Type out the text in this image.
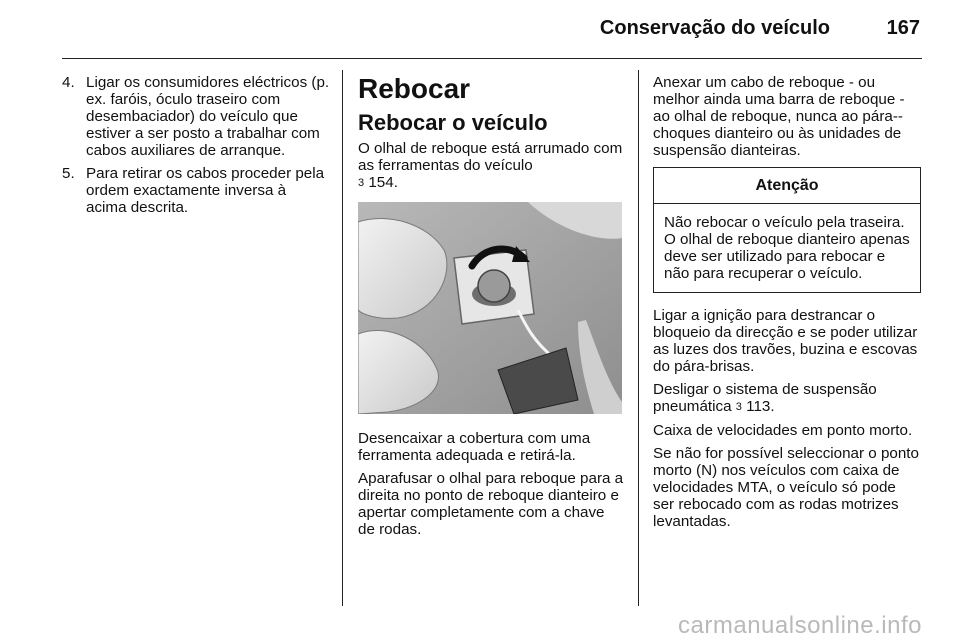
Conservação do veículo	167
4. Ligar os consumidores eléctricos (p. ex. faróis, óculo traseiro com desembaciador) do veículo que estiver a ser posto a trabalhar com cabos auxiliares de arranque.
5. Para retirar os cabos proceder pela ordem exactamente inversa à acima descrita.
Rebocar
Rebocar o veículo

O olhal de reboque está arrumado com as ferramentas do veículo
3 154.

Desencaixar a cobertura com uma ferramenta adequada e retirá-la.

Aparafusar o olhal para reboque para a direita no ponto de reboque dianteiro e apertar completamente com a chave de rodas.

Anexar um cabo de reboque - ou melhor ainda uma barra de reboque - ao olhal de reboque, nunca ao pára--choques dianteiro ou às unidades de suspensão dianteiras.

Atenção
Não rebocar o veículo pela traseira. O olhal de reboque dianteiro apenas deve ser utilizado para rebocar e não para recuperar o veículo.

Ligar a ignição para destrancar o bloqueio da direcção e se poder utilizar as luzes dos travões, buzina e escovas do pára-brisas.

Desligar o sistema de suspensão pneumática 3 113.

Caixa de velocidades em ponto morto.

Se não for possível seleccionar o ponto morto (N) nos veículos com caixa de velocidades MTA, o veículo só pode ser rebocado com as rodas motrizes levantadas.

carmanualsonline.info
